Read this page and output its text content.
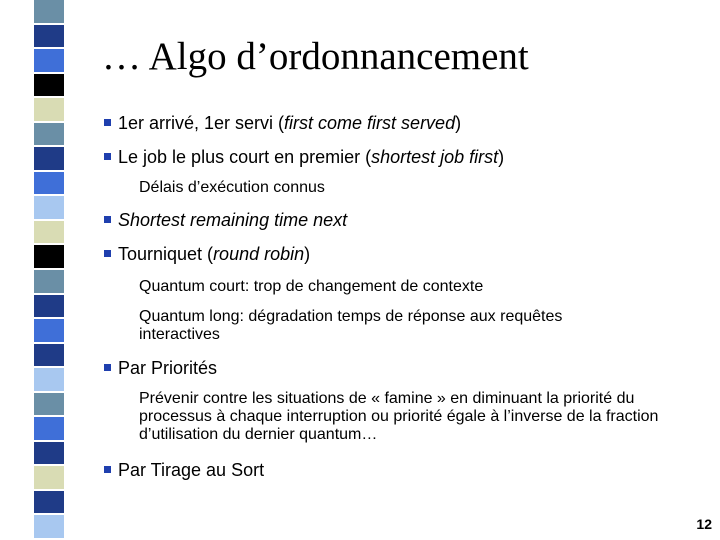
… Algo d’ordonnancement
1er arrivé, 1er servi (first come first served)
Le job le plus court en premier (shortest job first)
Délais d’exécution connus
Shortest remaining time next
Tourniquet (round robin)
Quantum court: trop de changement de contexte
Quantum long: dégradation temps de réponse aux requêtes interactives
Par Priorités
Prévenir contre les situations de « famine » en diminuant la priorité du processus à chaque interruption ou priorité égale à l’inverse de la fraction d’utilisation du dernier quantum…
Par Tirage au Sort
12
